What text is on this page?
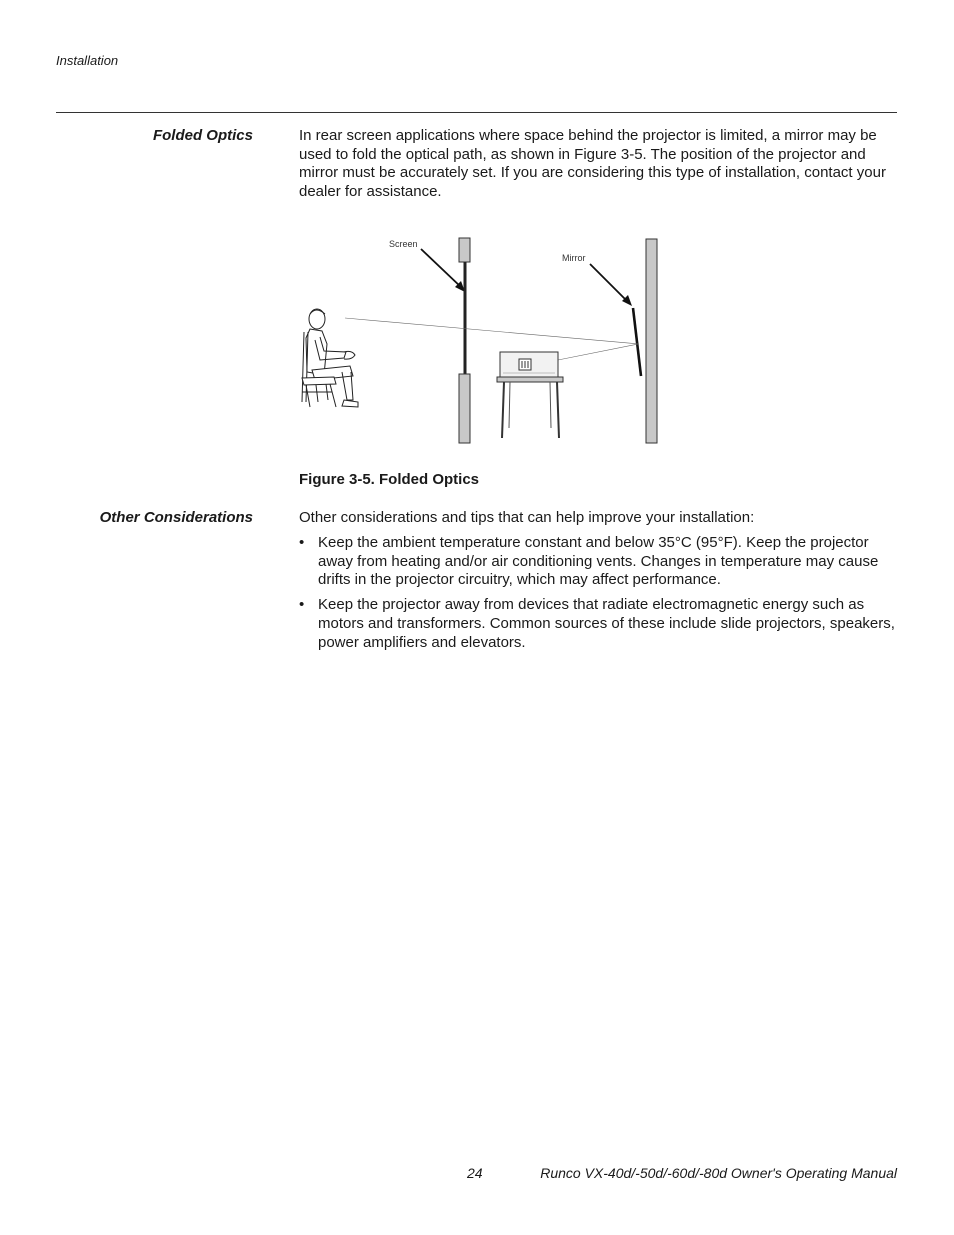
Installation
Folded Optics	In rear screen applications where space behind the projector is limited, a mirror may be used to fold the optical path, as shown in Figure 3-5. The position of the projector and mirror must be accurately set. If you are considering this type of installation, contact your dealer for assistance.
Screen
Mirror
Figure 3-5. Folded Optics
Other Considerations	Other considerations and tips that can help improve your installation:
• Keep the ambient temperature constant and below 35°C (95°F). Keep the projector away from heating and/or air conditioning vents. Changes in temperature may cause drifts in the projector circuitry, which may affect performance.
• Keep the projector away from devices that radiate electromagnetic energy such as motors and transformers. Common sources of these include slide projectors, speakers, power amplifiers and elevators.
24	Runco VX-40d/-50d/-60d/-80d Owner's Operating Manual
